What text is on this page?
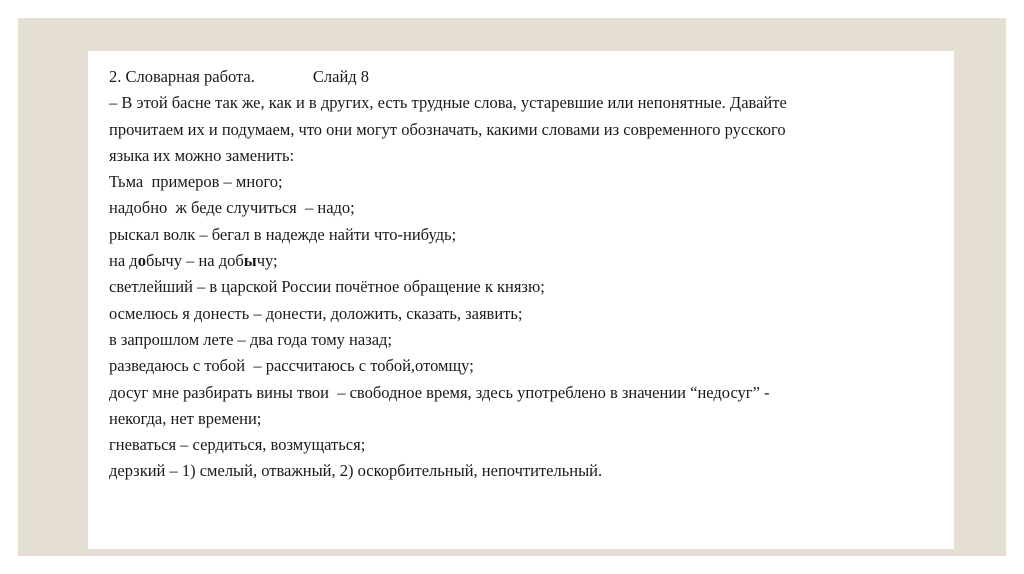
2. Словарная работа.	Слайд 8

– В этой басне так же, как и в других, есть трудные слова, устаревшие или непонятные. Давайте

прочитаем их и подумаем, что они могут обозначать, какими словами из современного русского

языка их можно заменить:

Тьма  примеров – много;

надобно  ж беде случиться  – надо;

рыскал волк – бегал в надежде найти что-нибудь;

на добычу – на добычу;

светлейший – в царской России почётное обращение к князю;

осмелюсь я донесть – донести, доложить, сказать, заявить;

в запрошлом лете – два года тому назад;

разведаюсь с тобой  – рассчитаюсь с тобой,отомщу;

досуг мне разбирать вины твои  – свободное время, здесь употреблено в значении “недосуг” -

некогда, нет времени;

гневаться – сердиться, возмущаться;

дерзкий – 1) смелый, отважный, 2) оскорбительный, непочтительный.
